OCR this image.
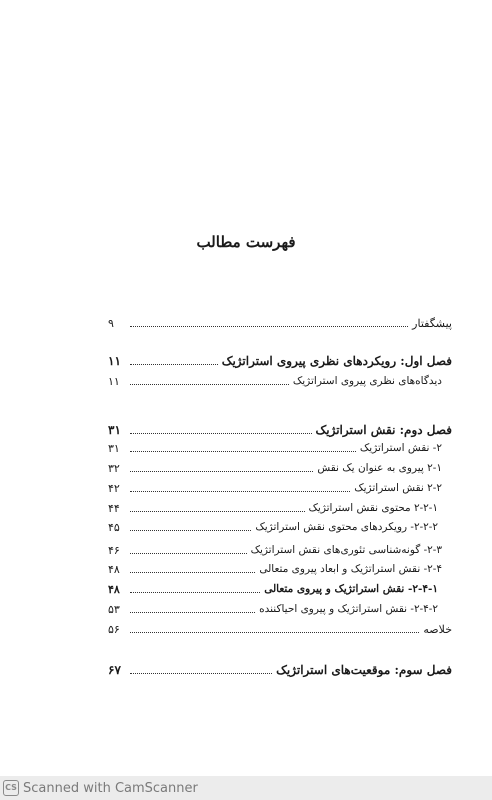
فهرست مطالب
پیشگفتار
۹
فصل اول: رویکردهای نظری پیروی استراتژیک
۱۱
دیدگاه‌های نظری پیروی استراتژیک
۱۱
فصل دوم: نقش استراتژیک
۳۱
۲- نقش استراتژیک
۳۱
۲-۱ پیروی به عنوان یک نقش
۳۲
۲-۲ نقش استراتژیک
۴۲
۲-۲-۱ محتوی نقش استراتژیک
۴۴
۲-۲-۲- رویکردهای محتوی نقش استراتژیک
۴۵
۲-۳- گونه‌شناسی تئوری‌های نقش استراتژیک
۴۶
۲-۴- نقش استراتژیک و ابعاد پیروی متعالی
۴۸
۲-۴-۱- نقش استراتژیک و پیروی متعالی
۴۸
۲-۴-۲- نقش استراتژیک و پیروی احیاکننده
۵۳
خلاصه
۵۶
فصل سوم: موقعیت‌های استراتژیک
۶۷
CS Scanned with CamScanner
